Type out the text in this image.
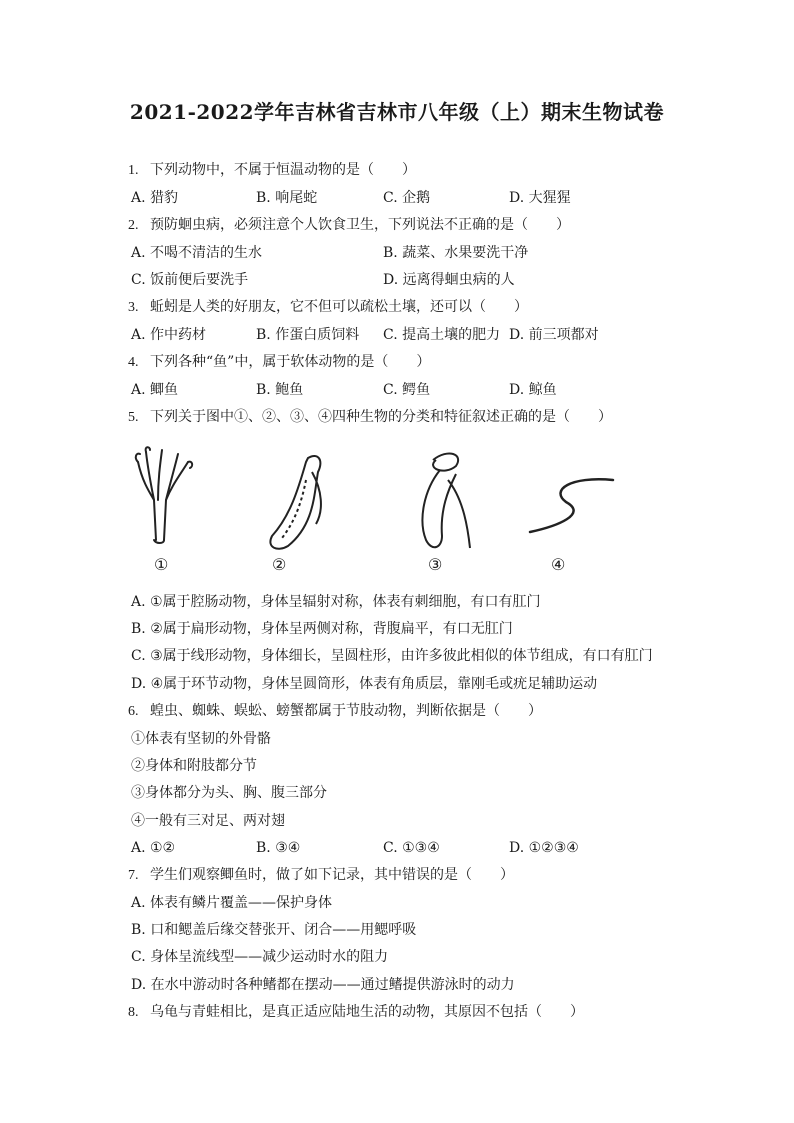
2021-2022学年吉林省吉林市八年级（上）期末生物试卷
1. 下列动物中，不属于恒温动物的是（　　）
A. 猎豹	B. 响尾蛇	C. 企鹅	D. 大猩猩
2. 预防蛔虫病，必须注意个人饮食卫生，下列说法不正确的是（　　）
A. 不喝不清洁的生水	B. 蔬菜、水果要洗干净
C. 饭前便后要洗手	D. 远离得蛔虫病的人
3. 蚯蚓是人类的好朋友，它不但可以疏松土壤，还可以（　　）
A. 作中药材	B. 作蛋白质饲料 C. 提高土壤的肥力 D. 前三项都对
4. 下列各种“鱼”中，属于软体动物的是（　　）
A. 鲫鱼	B. 鲍鱼	C. 鳄鱼	D. 鲸鱼
5. 下列关于图中①、②、③、④四种生物的分类和特征叙述正确的是（　　）
①	②	③	④
A. ①属于腔肠动物，身体呈辐射对称，体表有刺细胞，有口有肛门
B. ②属于扁形动物，身体呈两侧对称，背腹扁平，有口无肛门
C. ③属于线形动物，身体细长，呈圆柱形，由许多彼此相似的体节组成，有口有肛门
D. ④属于环节动物，身体呈圆筒形，体表有角质层，靠刚毛或疣足辅助运动
6. 蝗虫、蜘蛛、蜈蚣、螃蟹都属于节肢动物，判断依据是（　　）
①体表有坚韧的外骨骼
②身体和附肢都分节
③身体都分为头、胸、腹三部分
④一般有三对足、两对翅
A. ①②	B. ③④	C. ①③④	D. ①②③④
7. 学生们观察鲫鱼时，做了如下记录，其中错误的是（　　）
A. 体表有鳞片覆盖——保护身体
B. 口和鳃盖后缘交替张开、闭合——用鳃呼吸
C. 身体呈流线型——减少运动时水的阻力
D. 在水中游动时各种鳍都在摆动——通过鳍提供游泳时的动力
8. 乌龟与青蛙相比，是真正适应陆地生活的动物，其原因不包括（　　）
